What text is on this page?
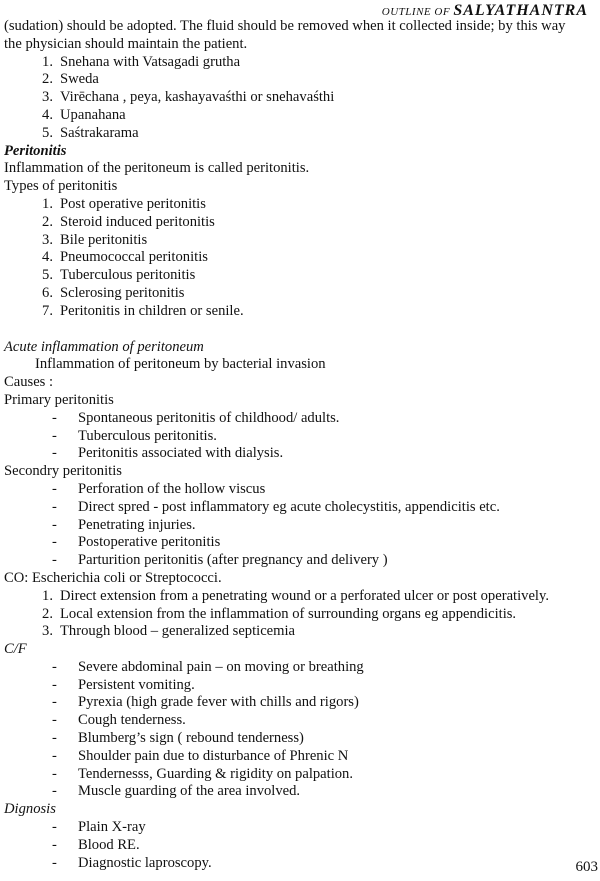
OUTLINE OF SALYATHANTRA
(sudation) should be adopted. The fluid should be removed when it collected inside; by this way
the physician should maintain the patient.
1. Snehana with Vatsagadi grutha
2. Sweda
3. Virēchana , peya, kashayavaśthi or snehavaśthi
4. Upanahana
5. Saśtrakarama
Peritonitis
Inflammation of the peritoneum is called peritonitis.
Types of peritonitis
1. Post operative peritonitis
2. Steroid induced peritonitis
3. Bile peritonitis
4. Pneumococcal peritonitis
5. Tuberculous peritonitis
6. Sclerosing peritonitis
7. Peritonitis in children or senile.
Acute inflammation of peritoneum
Inflammation of peritoneum by bacterial invasion
Causes :
Primary peritonitis
- Spontaneous peritonitis of childhood/ adults.
- Tuberculous peritonitis.
- Peritonitis associated with dialysis.
Secondry peritonitis
- Perforation of the hollow viscus
- Direct spred - post inflammatory eg acute cholecystitis, appendicitis etc.
- Penetrating injuries.
- Postoperative peritonitis
- Parturition peritonitis (after pregnancy and delivery )
CO: Escherichia coli or Streptococci.
1. Direct extension from a penetrating wound or a perforated ulcer or post operatively.
2. Local extension from the inflammation of surrounding organs eg appendicitis.
3. Through blood – generalized septicemia
C/F
- Severe abdominal pain – on moving or breathing
- Persistent vomiting.
- Pyrexia (high grade fever with chills and rigors)
- Cough tenderness.
- Blumberg’s sign ( rebound tenderness)
- Shoulder pain due to disturbance of Phrenic N
- Tendernesss, Guarding & rigidity on palpation.
- Muscle guarding of the area involved.
Dignosis
- Plain X-ray
- Blood RE.
- Diagnostic laproscopy.	603
